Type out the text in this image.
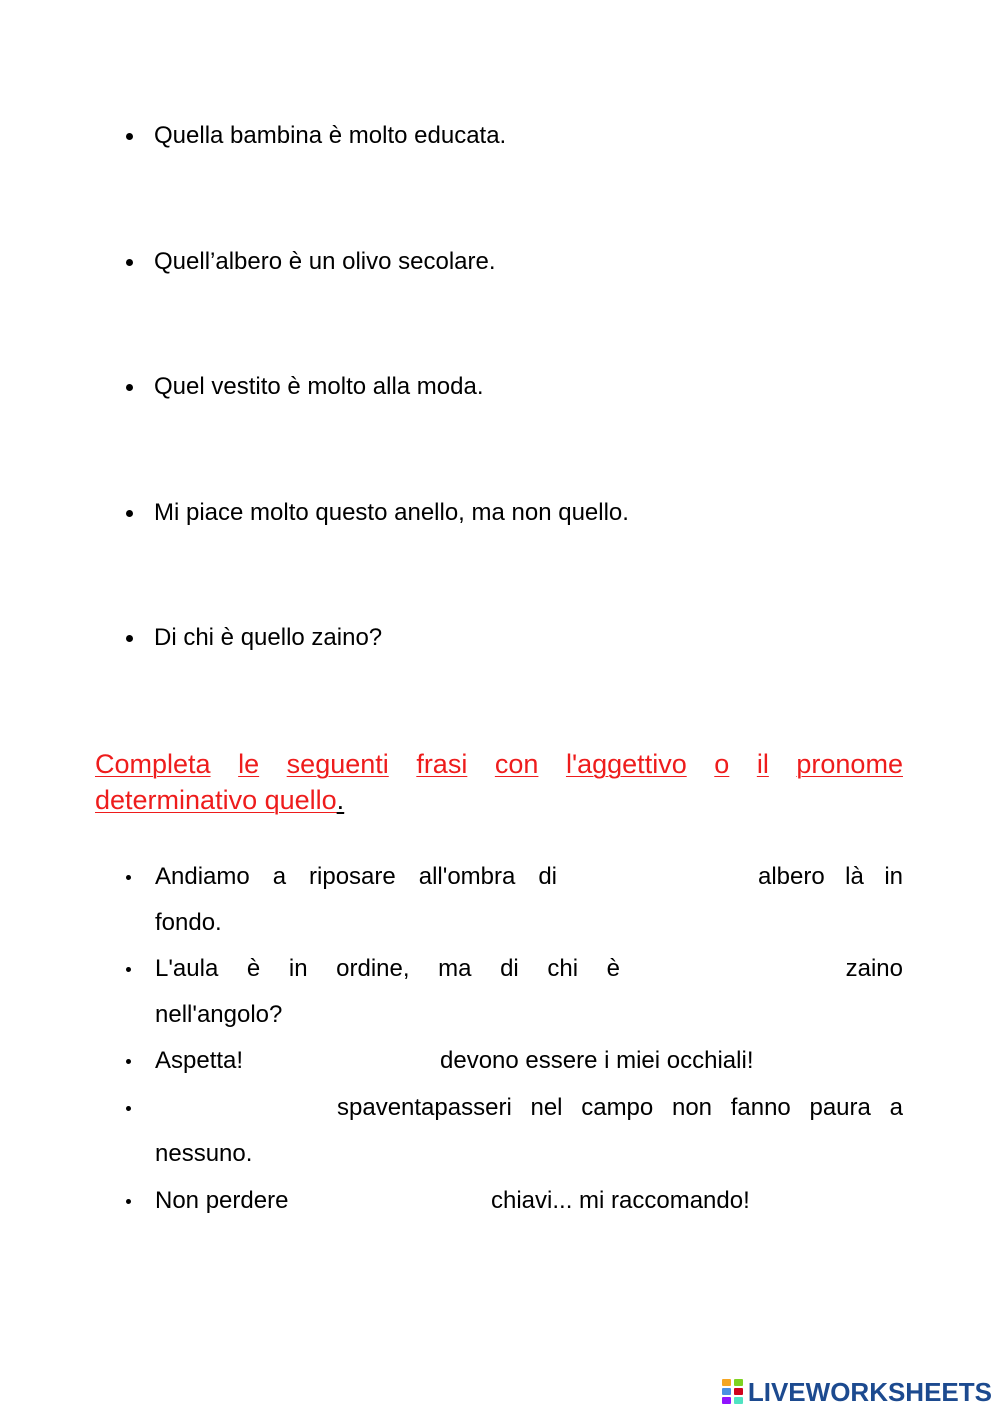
Quella bambina è molto educata.
Quell’albero è un olivo secolare.
Quel vestito è molto alla moda.
Mi piace molto questo anello, ma non quello.
Di chi è quello zaino?
Completa le seguenti frasi con l'aggettivo o il pronome
determinativo quello.
Andiamo a riposare all'ombra di	albero là in
fondo.
L'aula è in ordine, ma di chi è	zaino
nell'angolo?
Aspetta!	devono essere i miei occhiali!
spaventapasseri nel campo non fanno paura a
nessuno.
Non perdere	chiavi... mi raccomando!
LIVEWORKSHEETS
